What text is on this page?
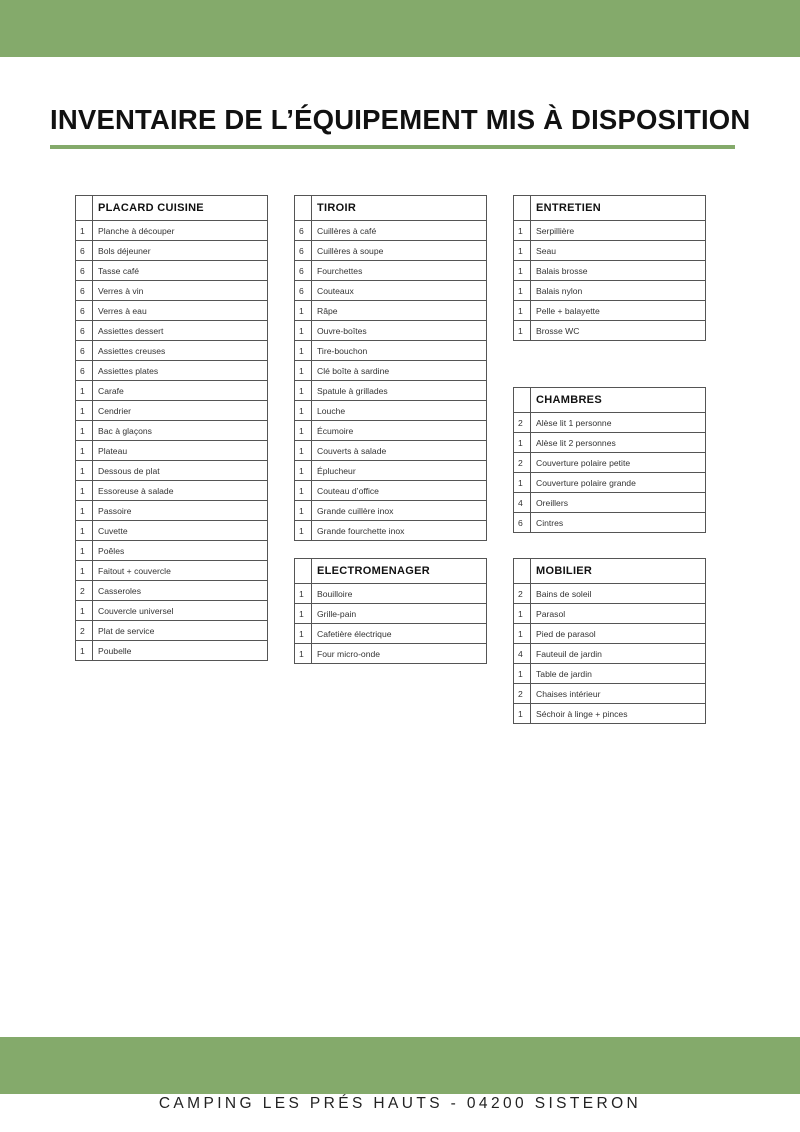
INVENTAIRE DE L’ÉQUIPEMENT MIS À DISPOSITION
	PLACARD CUISINE
1	Planche à découper
6	Bols déjeuner
6	Tasse café
6	Verres à vin
6	Verres à eau
6	Assiettes dessert
6	Assiettes creuses
6	Assiettes plates
1	Carafe
1	Cendrier
1	Bac à glaçons
1	Plateau
1	Dessous de plat
1	Essoreuse à salade
1	Passoire
1	Cuvette
1	Poêles
1	Faitout + couvercle
2	Casseroles
1	Couvercle universel
2	Plat de service
1	Poubelle
	TIROIR
6	Cuillères à café
6	Cuillères à soupe
6	Fourchettes
6	Couteaux
1	Râpe
1	Ouvre-boîtes
1	Tire-bouchon
1	Clé boîte à sardine
1	Spatule à grillades
1	Louche
1	Écumoire
1	Couverts à salade
1	Éplucheur
1	Couteau d’office
1	Grande cuillère inox
1	Grande fourchette inox
	ELECTROMENAGER
1	Bouilloire
1	Grille-pain
1	Cafetière électrique
1	Four micro-onde
	ENTRETIEN
1	Serpillière
1	Seau
1	Balais brosse
1	Balais nylon
1	Pelle + balayette
1	Brosse WC
	CHAMBRES
2	Alèse lit 1 personne
1	Alèse lit 2 personnes
2	Couverture polaire petite
1	Couverture polaire grande
4	Oreillers
6	Cintres
	MOBILIER
2	Bains de soleil
1	Parasol
1	Pied de parasol
4	Fauteuil de jardin
1	Table de jardin
2	Chaises intérieur
1	Séchoir à linge + pinces
CAMPING LES PRÉS HAUTS - 04200 SISTERON
